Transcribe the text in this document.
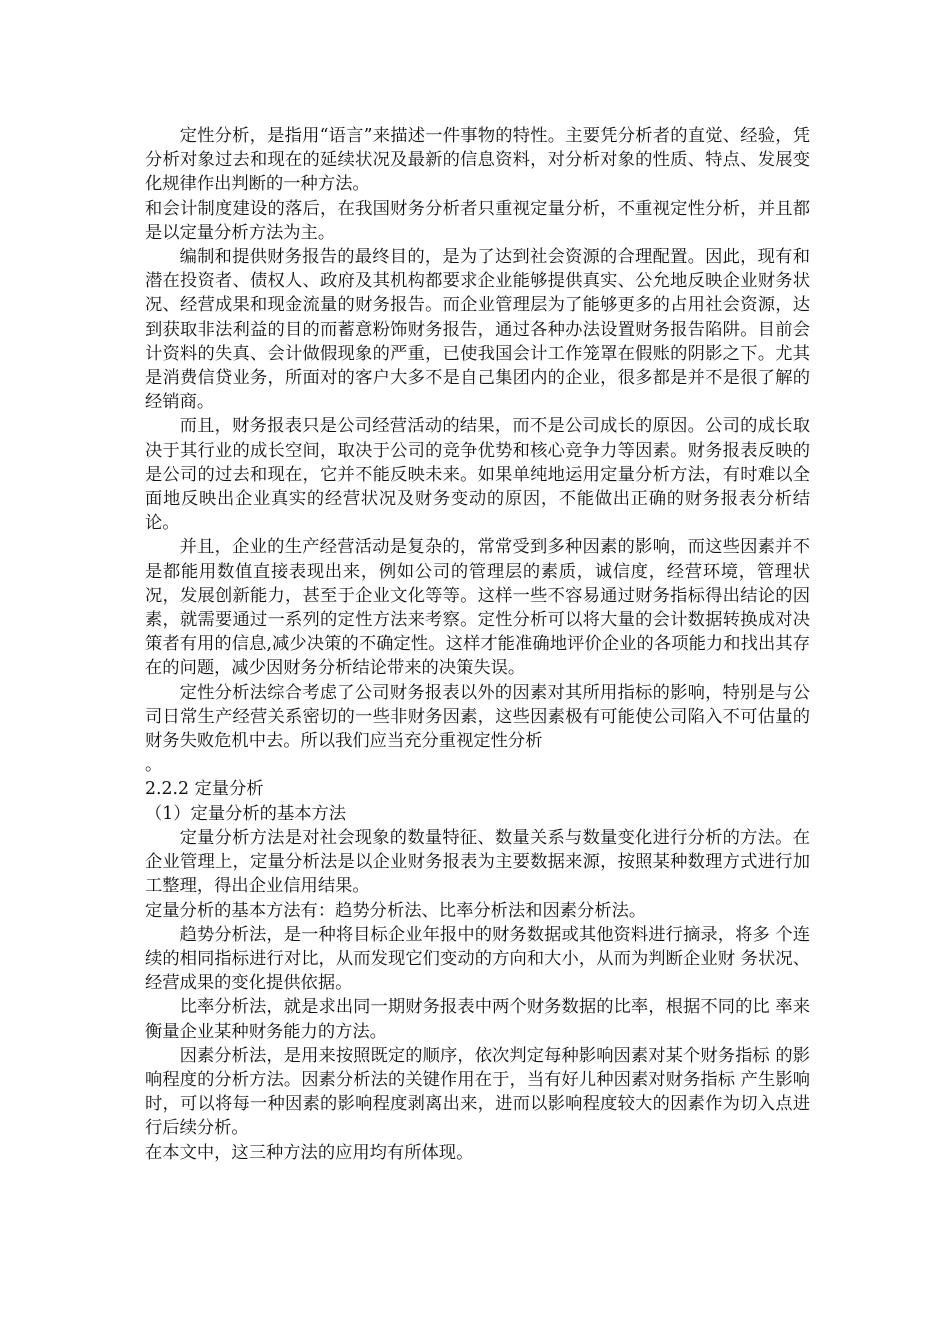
定性分析，是指用“语言”来描述一件事物的特性。主要凭分析者的直觉、经验，凭分析对象过去和现在的延续状况及最新的信息资料，对分析对象的性质、特点、发展变化规律作出判断的一种方法。

和会计制度建设的落后，在我国财务分析者只重视定量分析，不重视定性分析，并且都是以定量分析方法为主。

编制和提供财务报告的最终目的，是为了达到社会资源的合理配置。因此，现有和潜在投资者、债权人、政府及其机构都要求企业能够提供真实、公允地反映企业财务状况、经营成果和现金流量的财务报告。而企业管理层为了能够更多的占用社会资源，达到获取非法利益的目的而蓄意粉饰财务报告，通过各种办法设置财务报告陷阱。目前会计资料的失真、会计做假现象的严重，已使我国会计工作笼罩在假账的阴影之下。尤其是消费信贷业务，所面对的客户大多不是自己集团内的企业，很多都是并不是很了解的经销商。

而且，财务报表只是公司经营活动的结果，而不是公司成长的原因。公司的成长取决于其行业的成长空间，取决于公司的竞争优势和核心竞争力等因素。财务报表反映的是公司的过去和现在，它并不能反映未来。如果单纯地运用定量分析方法，有时难以全面地反映出企业真实的经营状况及财务变动的原因，不能做出正确的财务报表分析结论。

并且，企业的生产经营活动是复杂的，常常受到多种因素的影响，而这些因素并不是都能用数值直接表现出来，例如公司的管理层的素质，诚信度，经营环境，管理状况，发展创新能力，甚至于企业文化等等。这样一些不容易通过财务指标得出结论的因素，就需要通过一系列的定性方法来考察。定性分析可以将大量的会计数据转换成对决策者有用的信息,减少决策的不确定性。这样才能准确地评价企业的各项能力和找出其存在的问题，减少因财务分析结论带来的决策失误。

定性分析法综合考虑了公司财务报表以外的因素对其所用指标的影响，特别是与公司日常生产经营关系密切的一些非财务因素，这些因素极有可能使公司陷入不可估量的财务失败危机中去。所以我们应当充分重视定性分析

。

2.2.2 定量分析

（1）定量分析的基本方法

定量分析方法是对社会现象的数量特征、数量关系与数量变化进行分析的方法。在企业管理上，定量分析法是以企业财务报表为主要数据来源，按照某种数理方式进行加工整理，得出企业信用结果。

定量分析的基本方法有：趋势分析法、比率分析法和因素分析法。

趋势分析法，是一种将目标企业年报中的财务数据或其他资料进行摘录，将多 个连续的相同指标进行对比，从而发现它们变动的方向和大小，从而为判断企业财 务状况、经营成果的变化提供依据。

比率分析法，就是求出同一期财务报表中两个财务数据的比率，根据不同的比 率来衡量企业某种财务能力的方法。

因素分析法，是用来按照既定的顺序，依次判定每种影响因素对某个财务指标 的影响程度的分析方法。因素分析法的关键作用在于，当有好儿种因素对财务指标 产生影响时，可以将每一种因素的影响程度剥离出来，进而以影响程度较大的因素作为切入点进行后续分析。

在本文中，这三种方法的应用均有所体现。
